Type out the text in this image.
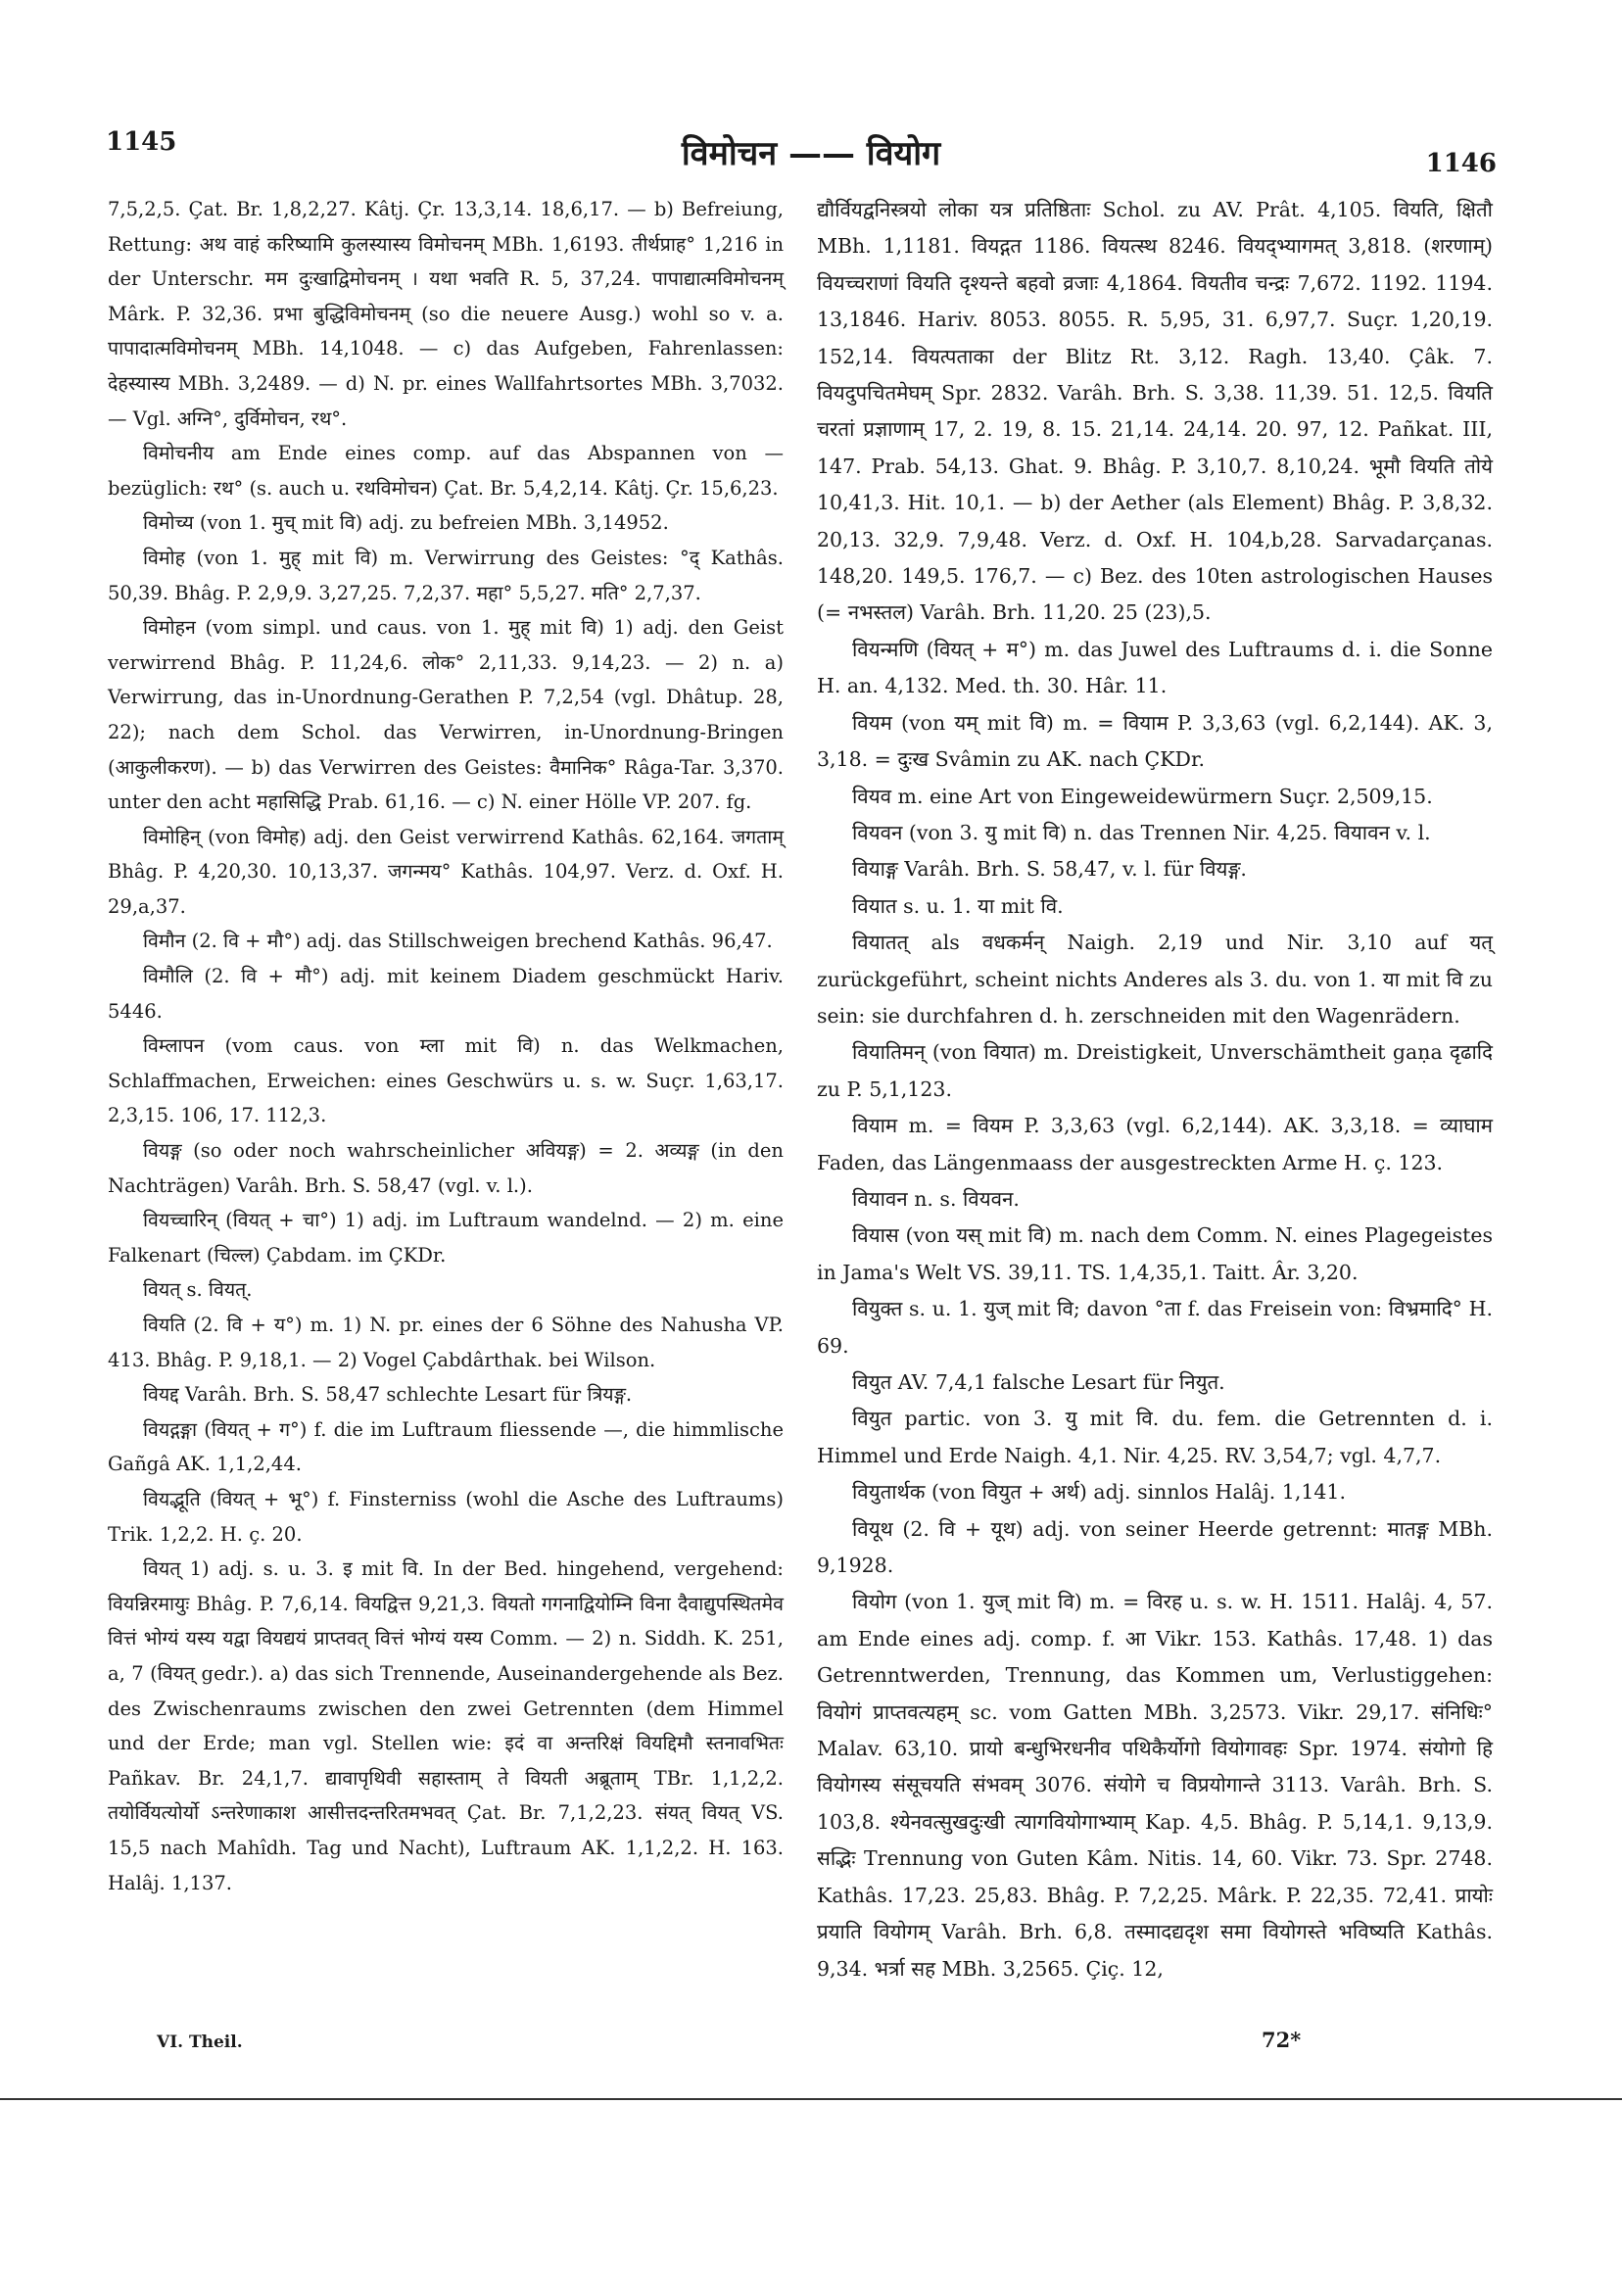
1145	विमोचन —— वियोग	1146

7,5,2,5. Çat. Br. 1,8,2,27. Kâtj. Çr. 13,3,14. 18,6,17. — b) Befreiung, Rettung: अथ वाहं करिष्यामि कुलस्यास्य विमोचनम् MBh. 1,6193. तीर्थप्राह° 1,216 in der Unterschr. मम दुःखाद्विमोचनम् । यथा भवति R. 5, 37,24. पापाद्यात्मविमोचनम् Mârk. P. 32,36. प्रभा बुद्धिविमोचनम् (so die neuere Ausg.) wohl so v. a. पापादात्मविमोचनम् MBh. 14,1048. — c) das Aufgeben, Fahrenlassen: देहस्यास्य MBh. 3,2489. — d) N. pr. eines Wallfahrtsortes MBh. 3,7032. — Vgl. अग्नि°, दुर्विमोचन, रथ°.

विमोचनीय am Ende eines comp. auf das Abspannen von — bezüglich: रथ° (s. auch u. रथविमोचन) Çat. Br. 5,4,2,14. Kâtj. Çr. 15,6,23.

विमोच्य (von 1. मुच् mit वि) adj. zu befreien MBh. 3,14952.

विमोह (von 1. मुह् mit वि) m. Verwirrung des Geistes: °द् Kathâs. 50,39. Bhâg. P. 2,9,9. 3,27,25. 7,2,37. महा° 5,5,27. मति° 2,7,37.

विमोहन (vom simpl. und caus. von 1. मुह् mit वि) 1) adj. den Geist verwirrend Bhâg. P. 11,24,6. लोक° 2,11,33. 9,14,23. — 2) n. a) Verwirrung, das in-Unordnung-Gerathen P. 7,2,54 (vgl. Dhâtup. 28, 22); nach dem Schol. das Verwirren, in-Unordnung-Bringen (आकुलीकरण). — b) das Verwirren des Geistes: वैमानिक° Râga-Tar. 3,370. unter den acht महासिद्धि Prab. 61,16. — c) N. einer Hölle VP. 207. fg.

विमोहिन् (von विमोह) adj. den Geist verwirrend Kathâs. 62,164. जगताम् Bhâg. P. 4,20,30. 10,13,37. जगन्मय° Kathâs. 104,97. Verz. d. Oxf. H. 29,a,37.

विमौन (2. वि + मौ°) adj. das Stillschweigen brechend Kathâs. 96,47.

विमौलि (2. वि + मौ°) adj. mit keinem Diadem geschmückt Hariv. 5446.

विम्लापन (vom caus. von म्ला mit वि) n. das Welkmachen, Schlaffmachen, Erweichen: eines Geschwürs u. s. w. Suçr. 1,63,17. 2,3,15. 106, 17. 112,3.

वियङ्ग (so oder noch wahrscheinlicher अवियङ्ग) = 2. अव्यङ्ग (in den Nachträgen) Varâh. Brh. S. 58,47 (vgl. v. l.).

वियच्चारिन् (वियत् + चा°) 1) adj. im Luftraum wandelnd. — 2) m. eine Falkenart (चिल्ल) Çabdam. im ÇKDr.

वियत् s. वियत्.

वियति (2. वि + य°) m. 1) N. pr. eines der 6 Söhne des Nahusha VP. 413. Bhâg. P. 9,18,1. — 2) Vogel Çabdârthak. bei Wilson.

वियद्द Varâh. Brh. S. 58,47 schlechte Lesart für त्रियङ्ग.

वियद्गङ्गा (वियत् + ग°) f. die im Luftraum fliessende —, die himmlische Gañgâ AK. 1,1,2,44.

वियद्भूति (वियत् + भू°) f. Finsterniss (wohl die Asche des Luftraums) Trik. 1,2,2. H. ç. 20.

वियत् 1) adj. s. u. 3. इ mit वि. In der Bed. hingehend, vergehend: वियन्निरमायुः Bhâg. P. 7,6,14. वियद्वित्त 9,21,3. वियतो गगनाद्वियोम्नि विना दैवाद्युपस्थितमेव वित्तं भोग्यं यस्य यद्वा वियद्ययं प्राप्तवत् वित्तं भोग्यं यस्य Comm. — 2) n. Siddh. K. 251, a, 7 (वियत् gedr.). a) das sich Trennende, Auseinandergehende als Bez. des Zwischenraums zwischen den zwei Getrennten (dem Himmel und der Erde; man vgl. Stellen wie: इदं वा अन्तरिक्षं वियद्दिमौ स्तनावभितः Pañkav. Br. 24,1,7. द्यावापृथिवी सहास्ताम् ते वियती अब्रूताम् TBr. 1,1,2,2. तयोर्वियत्योर्यो ऽन्तरेणाकाश आसीत्तदन्तरितमभवत् Çat. Br. 7,1,2,23. संयत् वियत् VS. 15,5 nach Mahîdh. Tag und Nacht), Luftraum AK. 1,1,2,2. H. 163. Halâj. 1,137.

द्यौर्वियद्वनिस्त्रयो लोका यत्र प्रतिष्ठिताः Schol. zu AV. Prât. 4,105. वियति, क्षितौ MBh. 1,1181. वियद्गत 1186. वियत्स्थ 8246. वियद्भ्यागमत् 3,818. (शरणाम्) वियच्चराणां वियति दृश्यन्ते बहवो व्रजाः 4,1864. वियतीव चन्द्रः 7,672. 1192. 1194. 13,1846. Hariv. 8053. 8055. R. 5,95, 31. 6,97,7. Suçr. 1,20,19. 152,14. वियत्पताका der Blitz Rt. 3,12. Ragh. 13,40. Çâk. 7. वियदुपचितमेघम् Spr. 2832. Varâh. Brh. S. 3,38. 11,39. 51. 12,5. वियति चरतां प्रज्ञाणाम् 17, 2. 19, 8. 15. 21,14. 24,14. 20. 97, 12. Pañkat. III, 147. Prab. 54,13. Ghat. 9. Bhâg. P. 3,10,7. 8,10,24. भूमौ वियति तोये 10,41,3. Hit. 10,1. — b) der Aether (als Element) Bhâg. P. 3,8,32. 20,13. 32,9. 7,9,48. Verz. d. Oxf. H. 104,b,28. Sarvadarçanas. 148,20. 149,5. 176,7. — c) Bez. des 10ten astrologischen Hauses (= नभस्तल) Varâh. Brh. 11,20. 25 (23),5.

वियन्मणि (वियत् + म°) m. das Juwel des Luftraums d. i. die Sonne H. an. 4,132. Med. th. 30. Hâr. 11.

वियम (von यम् mit वि) m. = वियाम P. 3,3,63 (vgl. 6,2,144). AK. 3, 3,18. = दुःख Svâmin zu AK. nach ÇKDr.

वियव m. eine Art von Eingeweidewürmern Suçr. 2,509,15.

वियवन (von 3. यु mit वि) n. das Trennen Nir. 4,25. वियावन v. l.

वियाङ्ग Varâh. Brh. S. 58,47, v. l. für वियङ्ग.

वियात s. u. 1. या mit वि.

वियातत् als वधकर्मन् Naigh. 2,19 und Nir. 3,10 auf यत् zurückgeführt, scheint nichts Anderes als 3. du. von 1. या mit वि zu sein: sie durchfahren d. h. zerschneiden mit den Wagenrädern.

वियातिमन् (von वियात) m. Dreistigkeit, Unverschämtheit gaṇa दृढादि zu P. 5,1,123.

वियाम m. = वियम P. 3,3,63 (vgl. 6,2,144). AK. 3,3,18. = व्याघाम Faden, das Längenmaass der ausgestreckten Arme H. ç. 123.

वियावन n. s. वियवन.

वियास (von यस् mit वि) m. nach dem Comm. N. eines Plagegeistes in Jama's Welt VS. 39,11. TS. 1,4,35,1. Taitt. Âr. 3,20.

वियुक्त s. u. 1. युज् mit वि; davon °ता f. das Freisein von: विभ्रमादि° H. 69.

वियुत AV. 7,4,1 falsche Lesart für नियुत.

वियुत partic. von 3. यु mit वि. du. fem. die Getrennten d. i. Himmel und Erde Naigh. 4,1. Nir. 4,25. RV. 3,54,7; vgl. 4,7,7.

वियुतार्थक (von वियुत + अर्थ) adj. sinnlos Halâj. 1,141.

वियूथ (2. वि + यूथ) adj. von seiner Heerde getrennt: मातङ्ग MBh. 9,1928.

वियोग (von 1. युज् mit वि) m. = विरह u. s. w. H. 1511. Halâj. 4, 57. am Ende eines adj. comp. f. आ Vikr. 153. Kathâs. 17,48. 1) das Getrenntwerden, Trennung, das Kommen um, Verlustiggehen: वियोगं प्राप्तवत्यहम् sc. vom Gatten MBh. 3,2573. Vikr. 29,17. संनिधिः° Malav. 63,10. प्रायो बन्धुभिरधनीव पथिकैर्योगो वियोगावहः Spr. 1974. संयोगो हि वियोगस्य संसूचयति संभवम् 3076. संयोगे च विप्रयोगान्ते 3113. Varâh. Brh. S. 103,8. श्येनवत्सुखदुःखी त्यागवियोगाभ्याम् Kap. 4,5. Bhâg. P. 5,14,1. 9,13,9. सद्भिः Trennung von Guten Kâm. Nitis. 14, 60. Vikr. 73. Spr. 2748. Kathâs. 17,23. 25,83. Bhâg. P. 7,2,25. Mârk. P. 22,35. 72,41. प्रायोः प्रयाति वियोगम् Varâh. Brh. 6,8. तस्मादद्यदृश समा वियोगस्ते भविष्यति Kathâs. 9,34. भर्त्रा सह MBh. 3,2565. Çiç. 12,

VI. Theil.	72*
